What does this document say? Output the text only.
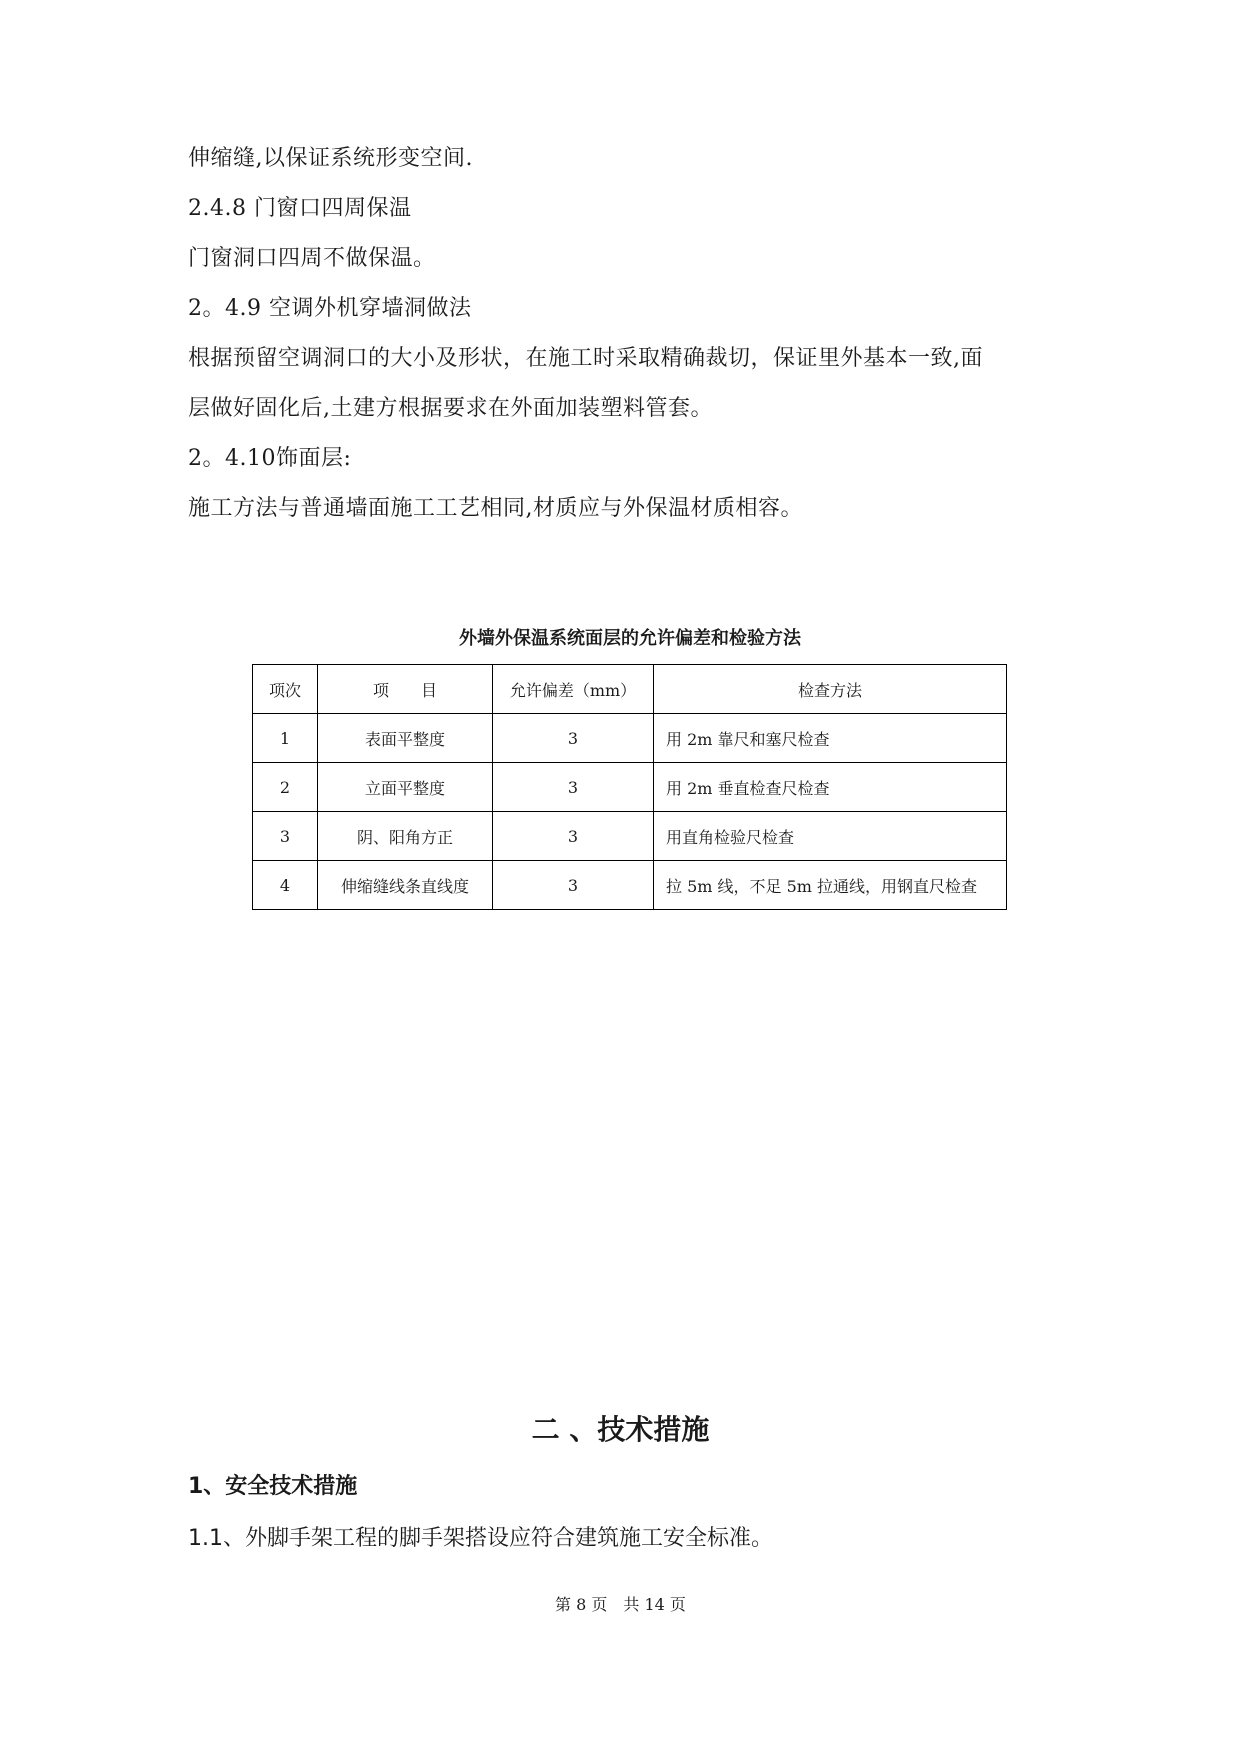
伸缩缝,以保证系统形变空间.
2.4.8 门窗口四周保温
门窗洞口四周不做保温。
2。4.9 空调外机穿墙洞做法
根据预留空调洞口的大小及形状，在施工时采取精确裁切，保证里外基本一致,面
层做好固化后,土建方根据要求在外面加装塑料管套。
2。4.10饰面层:
施工方法与普通墙面施工工艺相同,材质应与外保温材质相容。
外墙外保温系统面层的允许偏差和检验方法
项次	项　　目	允许偏差（mm）	检查方法
1	表面平整度	3	用 2m 靠尺和塞尺检查
2	立面平整度	3	用 2m 垂直检查尺检查
3	阴、阳角方正	3	用直角检验尺检查
4	伸缩缝线条直线度	3	拉 5m 线，不足 5m 拉通线，用钢直尺检查
二 、技术措施
1、安全技术措施
1.1、外脚手架工程的脚手架搭设应符合建筑施工安全标准。
第 8 页　共 14 页
